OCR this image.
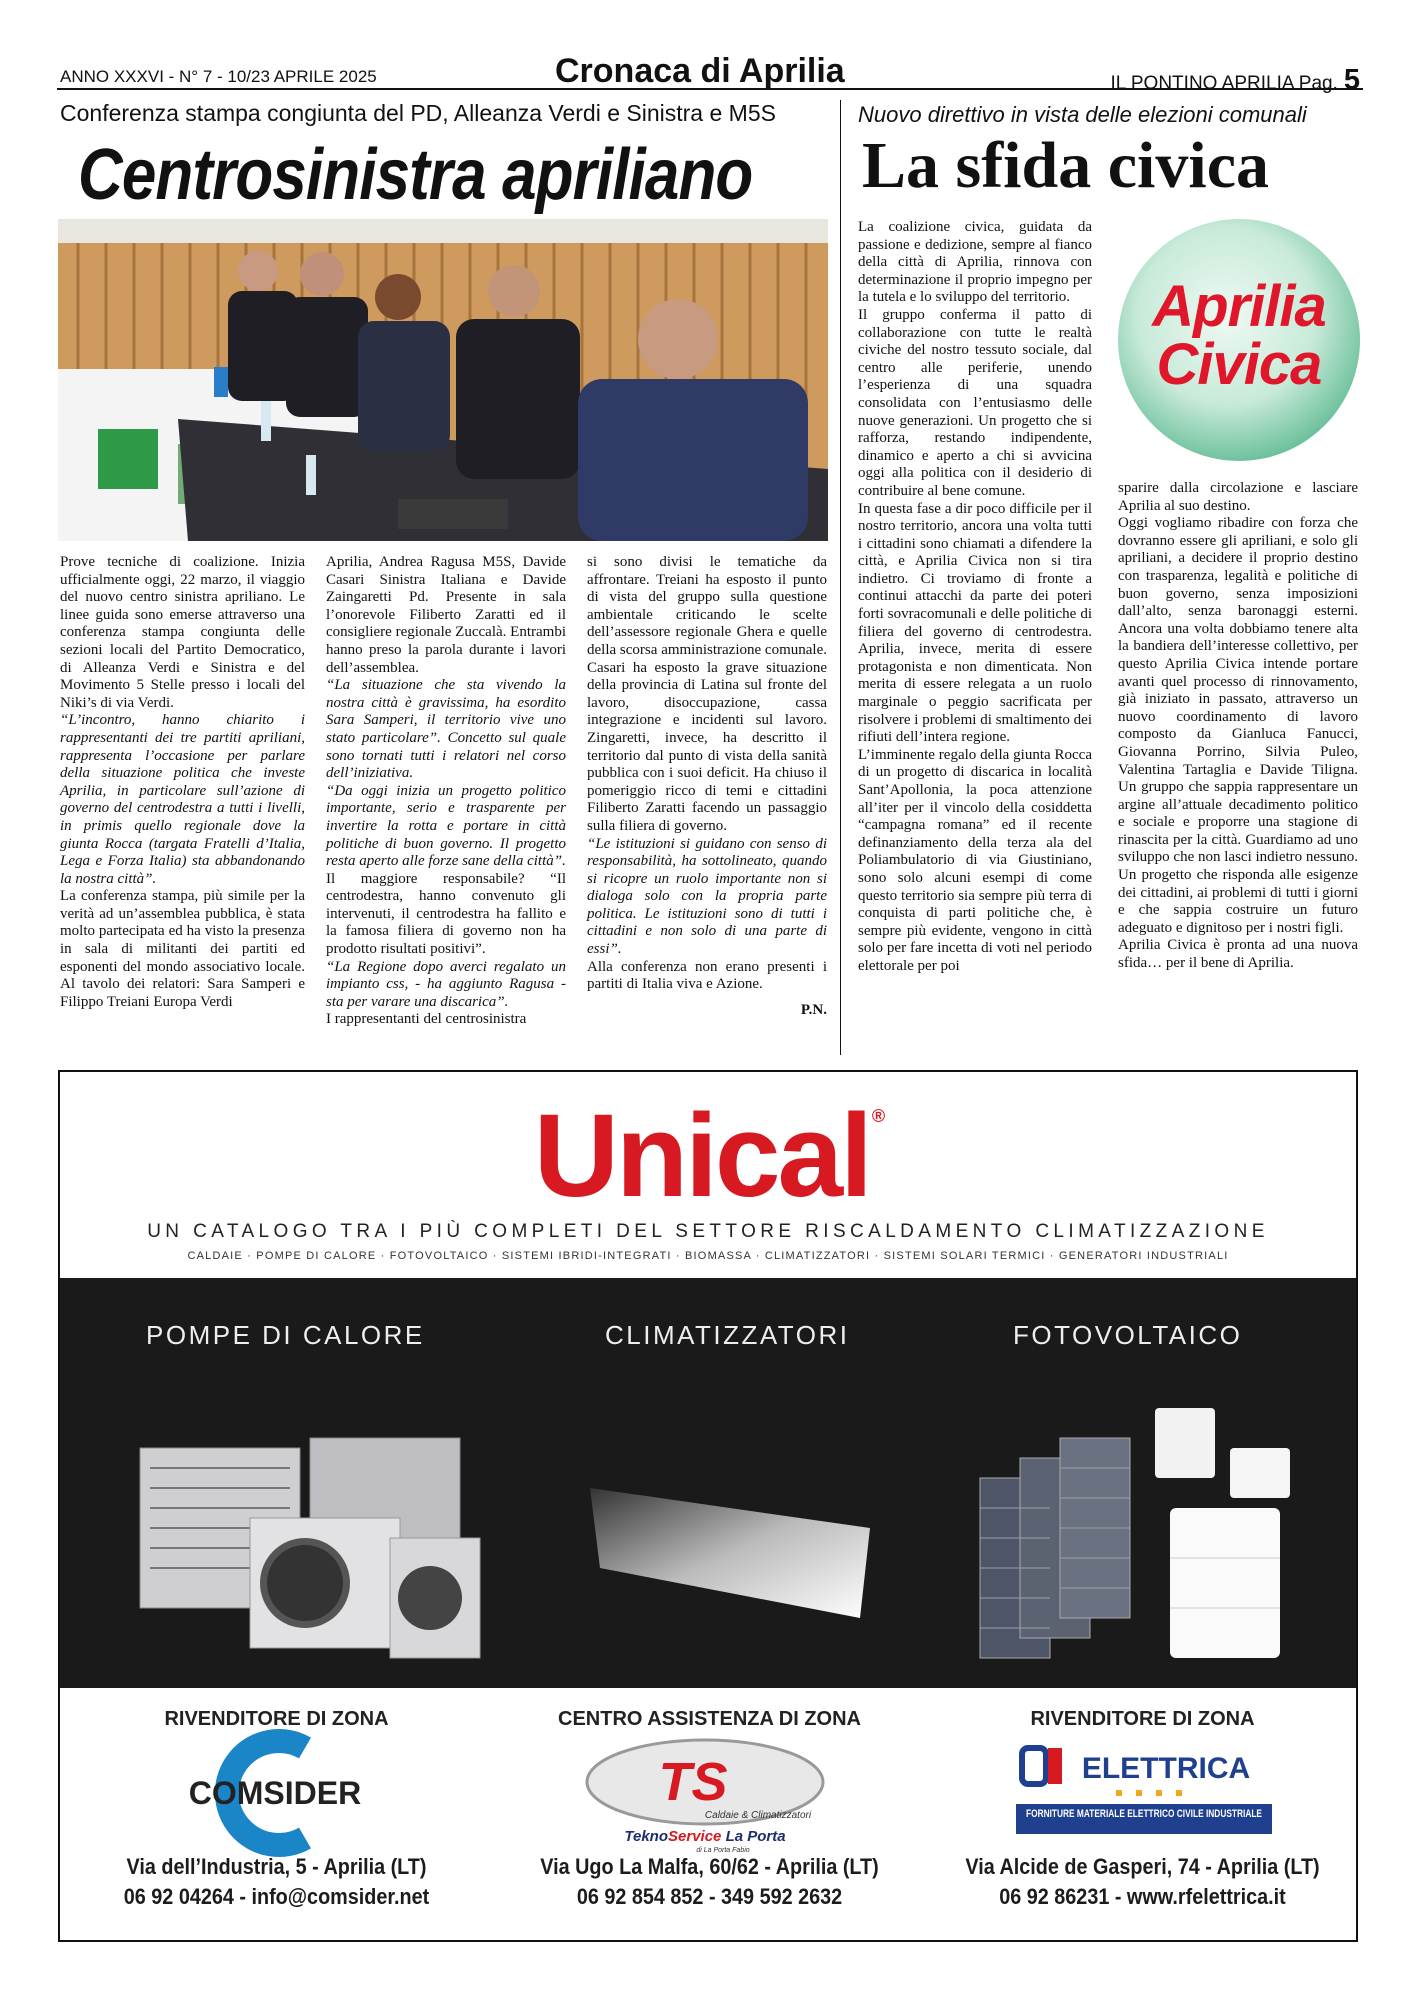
ANNO XXXVI - N° 7 - 10/23 APRILE 2025	Cronaca di Aprilia	IL PONTINO APRILIA Pag. 5
Conferenza stampa congiunta del PD, Alleanza Verdi e Sinistra e M5S
Centrosinistra apriliano

Prove tecniche di coalizione. Inizia ufficialmente oggi, 22 marzo, il viaggio del nuovo centro sinistra apriliano. Le linee guida sono emerse attraverso una conferenza stampa congiunta delle sezioni locali del Partito Democratico, di Alleanza Verdi e Sinistra e del Movimento 5 Stelle presso i locali del Niki’s di via Verdi.

“L’incontro, hanno chiarito i rappresentanti dei tre partiti apriliani, rappresenta l’occasione per parlare della situazione politica che investe Aprilia, in particolare sull’azione di governo del centrodestra a tutti i livelli, in primis quello regionale dove la giunta Rocca (targata Fratelli d’Italia, Lega e Forza Italia) sta abbandonando la nostra città”.

La conferenza stampa, più simile per la verità ad un’assemblea pubblica, è stata molto partecipata ed ha visto la presenza in sala di militanti dei partiti ed esponenti del mondo associativo locale. Al tavolo dei relatori: Sara Samperi e Filippo Treiani Europa Verdi

Aprilia, Andrea Ragusa M5S, Davide Casari Sinistra Italiana e Davide Zaingaretti Pd. Presente in sala l’onorevole Filiberto Zaratti ed il consigliere regionale Zuccalà. Entrambi hanno preso la parola durante i lavori dell’assemblea.

“La situazione che sta vivendo la nostra città è gravissima, ha esordito Sara Samperi, il territorio vive uno stato particolare”. Concetto sul quale sono tornati tutti i relatori nel corso dell’iniziativa.

“Da oggi inizia un progetto politico importante, serio e trasparente per invertire la rotta e portare in città politiche di buon governo. Il progetto resta aperto alle forze sane della città”.

Il maggiore responsabile? “Il centrodestra, hanno convenuto gli intervenuti, il centrodestra ha fallito e la famosa filiera di governo non ha prodotto risultati positivi”.

“La Regione dopo averci regalato un impianto css, - ha aggiunto Ragusa - sta per varare una discarica”.

I rappresentanti del centrosinistra

si sono divisi le tematiche da affrontare. Treiani ha esposto il punto di vista del gruppo sulla questione ambientale criticando le scelte dell’assessore regionale Ghera e quelle della scorsa amministrazione comunale. Casari ha esposto la grave situazione della provincia di Latina sul fronte del lavoro, disoccupazione, cassa integrazione e incidenti sul lavoro. Zingaretti, invece, ha descritto il territorio dal punto di vista della sanità pubblica con i suoi deficit. Ha chiuso il pomeriggio ricco di temi e cittadini Filiberto Zaratti facendo un passaggio sulla filiera di governo.

“Le istituzioni si guidano con senso di responsabilità, ha sottolineato, quando si ricopre un ruolo importante non si dialoga solo con la propria parte politica. Le istituzioni sono di tutti i cittadini e non solo di una parte di essi”.

Alla conferenza non erano presenti i partiti di Italia viva e Azione.

P.N.

Nuovo direttivo in vista delle elezioni comunali
La sfida civica

La coalizione civica, guidata da passione e dedizione, sempre al fianco della città di Aprilia, rinnova con determinazione il proprio impegno per la tutela e lo sviluppo del territorio.

Il gruppo conferma il patto di collaborazione con tutte le realtà civiche del nostro tessuto sociale, dal centro alle periferie, unendo l’esperienza di una squadra consolidata con l’entusiasmo delle nuove generazioni. Un progetto che si rafforza, restando indipendente, dinamico e aperto a chi si avvicina oggi alla politica con il desiderio di contribuire al bene comune.

In questa fase a dir poco difficile per il nostro territorio, ancora una volta tutti i cittadini sono chiamati a difendere la città, e Aprilia Civica non si tira indietro. Ci troviamo di fronte a continui attacchi da parte dei poteri forti sovracomunali e delle politiche di filiera del governo di centrodestra. Aprilia, invece, merita di essere protagonista e non dimenticata. Non merita di essere relegata a un ruolo marginale o peggio sacrificata per risolvere i problemi di smaltimento dei rifiuti dell’intera regione.

L’imminente regalo della giunta Rocca di un progetto di discarica in località Sant’Apollonia, la poca attenzione all’iter per il vincolo della cosiddetta “campagna romana” ed il recente definanziamento della terza ala del Poliambulatorio di via Giustiniano, sono solo alcuni esempi di come questo territorio sia sempre più terra di conquista di parti politiche che, è sempre più evidente, vengono in città solo per fare incetta di voti nel periodo elettorale per poi

Aprilia
Civica

sparire dalla circolazione e lasciare Aprilia al suo destino.

Oggi vogliamo ribadire con forza che dovranno essere gli apriliani, e solo gli apriliani, a decidere il proprio destino con trasparenza, legalità e politiche di buon governo, senza imposizioni dall’alto, senza baronaggi esterni. Ancora una volta dobbiamo tenere alta la bandiera dell’interesse collettivo, per questo Aprilia Civica intende portare avanti quel processo di rinnovamento, già iniziato in passato, attraverso un nuovo coordinamento di lavoro composto da Gianluca Fanucci, Giovanna Porrino, Silvia Puleo, Valentina Tartaglia e Davide Tiligna. Un gruppo che sappia rappresentare un argine all’attuale decadimento politico e sociale e proporre una stagione di rinascita per la città. Guardiamo ad uno sviluppo che non lasci indietro nessuno. Un progetto che risponda alle esigenze dei cittadini, ai problemi di tutti i giorni e che sappia costruire un futuro adeguato e dignitoso per i nostri figli.

Aprilia Civica è pronta ad una nuova sfida… per il bene di Aprilia.

Unical ®
UN CATALOGO TRA I PIÙ COMPLETI DEL SETTORE RISCALDAMENTO CLIMATIZZAZIONE
CALDAIE · POMPE DI CALORE · FOTOVOLTAICO · SISTEMI IBRIDI-INTEGRATI · BIOMASSA · CLIMATIZZATORI · SISTEMI SOLARI TERMICI · GENERATORI INDUSTRIALI
POMPE DI CALORE	CLIMATIZZATORI	FOTOVOLTAICO
RIVENDITORE DI ZONA
COMSIDER
Via dell’Industria, 5 - Aprilia (LT)
06 92 04264 - info@comsider.net
CENTRO ASSISTENZA DI ZONA
TS
Caldaie & Climatizzatori
TeknoService La Porta
di La Porta Fabio
Via Ugo La Malfa, 60/62 - Aprilia (LT)
06 92 854 852 - 349 592 2632
RIVENDITORE DI ZONA
ELETTRICA
FORNITURE MATERIALE ELETTRICO CIVILE INDUSTRIALE
Via Alcide de Gasperi, 74 - Aprilia (LT)
06 92 86231 - www.rfelettrica.it
